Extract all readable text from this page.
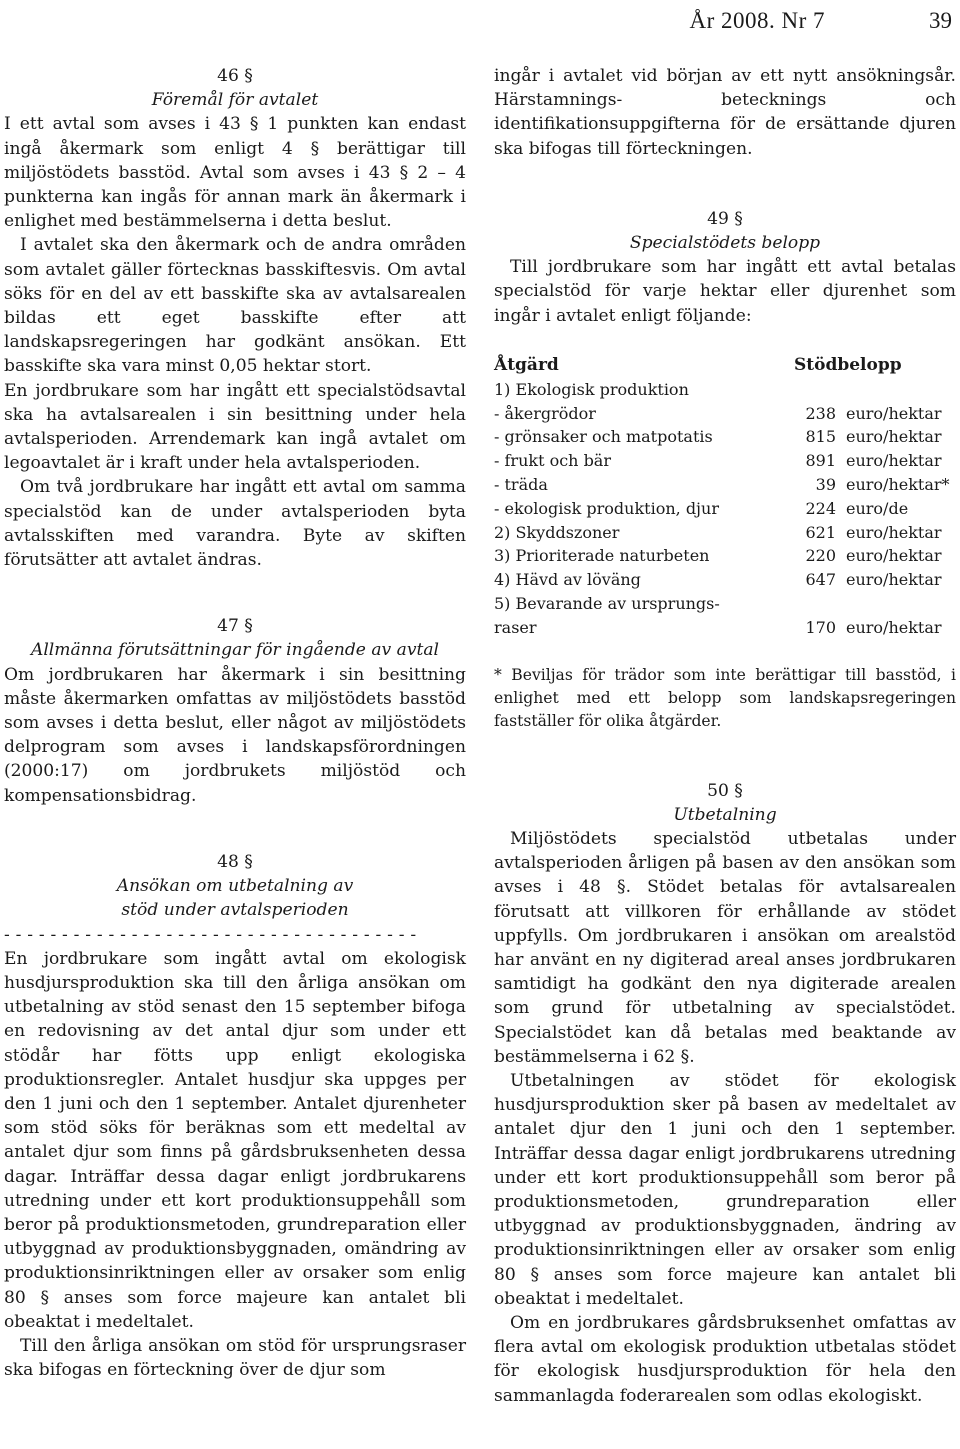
År 2008. Nr 7	39

46 §

Föremål för avtalet

I ett avtal som avses i 43 § 1 punkten kan endast ingå åkermark som enligt 4 § berättigar till miljöstödets basstöd. Avtal som avses i 43 § 2 – 4 punkterna kan ingås för annan mark än åkermark i enlighet med bestämmelserna i detta beslut.

I avtalet ska den åkermark och de andra områden som avtalet gäller förtecknas basskiftesvis. Om avtal söks för en del av ett basskifte ska av avtalsarealen bildas ett eget basskifte efter att landskapsregeringen har godkänt ansökan. Ett basskifte ska vara minst 0,05 hektar stort.

En jordbrukare som har ingått ett specialstödsavtal ska ha avtalsarealen i sin besittning under hela avtalsperioden. Arrendemark kan ingå avtalet om legoavtalet är i kraft under hela avtalsperioden.

Om två jordbrukare har ingått ett avtal om samma specialstöd kan de under avtalsperioden byta avtalsskiften med varandra. Byte av skiften förutsätter att avtalet ändras.

47 §

Allmänna förutsättningar för ingående av avtal

Om jordbrukaren har åkermark i sin besittning måste åkermarken omfattas av miljöstödets basstöd som avses i detta beslut, eller något av miljöstödets delprogram som avses i landskapsförordningen (2000:17) om jordbrukets miljöstöd och kompensationsbidrag.

48 §

Ansökan om utbetalning av

stöd under avtalsperioden

- - - - - - - - - - - - - - - - - - - - - - - - - - - - - - - - - - - -

En jordbrukare som ingått avtal om ekologisk husdjursproduktion ska till den årliga ansökan om utbetalning av stöd senast den 15 september bifoga en redovisning av det antal djur som under ett stödår har fötts upp enligt ekologiska produktionsregler. Antalet husdjur ska uppges per den 1 juni och den 1 september. Antalet djurenheter som stöd söks för beräknas som ett medeltal av antalet djur som finns på gårdsbruksenheten dessa dagar. Inträffar dessa dagar enligt jordbrukarens utredning under ett kort produktionsuppehåll som beror på produktionsmetoden, grundreparation eller utbyggnad av produktionsbyggnaden, omändring av produktionsinriktningen eller av orsaker som enlig 80 § anses som force majeure kan antalet bli obeaktat i medeltalet.

Till den årliga ansökan om stöd för ursprungsraser ska bifogas en förteckning över de djur som

ingår i avtalet vid början av ett nytt ansökningsår. Härstamnings- betecknings och identifikationsuppgifterna för de ersättande djuren ska bifogas till förteckningen.

49 §

Specialstödets belopp

Till jordbrukare som har ingått ett avtal betalas specialstöd för varje hektar eller djurenhet som ingår i avtalet enligt följande:

Åtgärd	Stödbelopp	
1) Ekologisk produktion		
- åkergrödor	238	euro/hektar
- grönsaker och matpotatis	815	euro/hektar
- frukt och bär	891	euro/hektar
- träda	39	euro/hektar*
- ekologisk produktion, djur	224	euro/de
2) Skyddszoner	621	euro/hektar
3) Prioriterade naturbeten	220	euro/hektar
4) Hävd av löväng	647	euro/hektar
5) Bevarande av ursprungs-		
raser	170	euro/hektar

* Beviljas för trädor som inte berättigar till basstöd, i enlighet med ett belopp som landskapsregeringen fastställer för olika åtgärder.

50 §

Utbetalning

Miljöstödets specialstöd utbetalas under avtalsperioden årligen på basen av den ansökan som avses i 48 §. Stödet betalas för avtalsarealen förutsatt att villkoren för erhållande av stödet uppfylls. Om jordbrukaren i ansökan om arealstöd har använt en ny digiterad areal anses jordbrukaren samtidigt ha godkänt den nya digiterade arealen som grund för utbetalning av specialstödet. Specialstödet kan då betalas med beaktande av bestämmelserna i 62 §.

Utbetalningen av stödet för ekologisk husdjursproduktion sker på basen av medeltalet av antalet djur den 1 juni och den 1 september. Inträffar dessa dagar enligt jordbrukarens utredning under ett kort produktionsuppehåll som beror på produktionsmetoden, grundreparation eller utbyggnad av produktionsbyggnaden, ändring av produktionsinriktningen eller av orsaker som enlig 80 § anses som force majeure kan antalet bli obeaktat i medeltalet.

Om en jordbrukares gårdsbruksenhet omfattas av flera avtal om ekologisk produktion utbetalas stödet för ekologisk husdjursproduktion för hela den sammanlagda foderarealen som odlas ekologiskt.
